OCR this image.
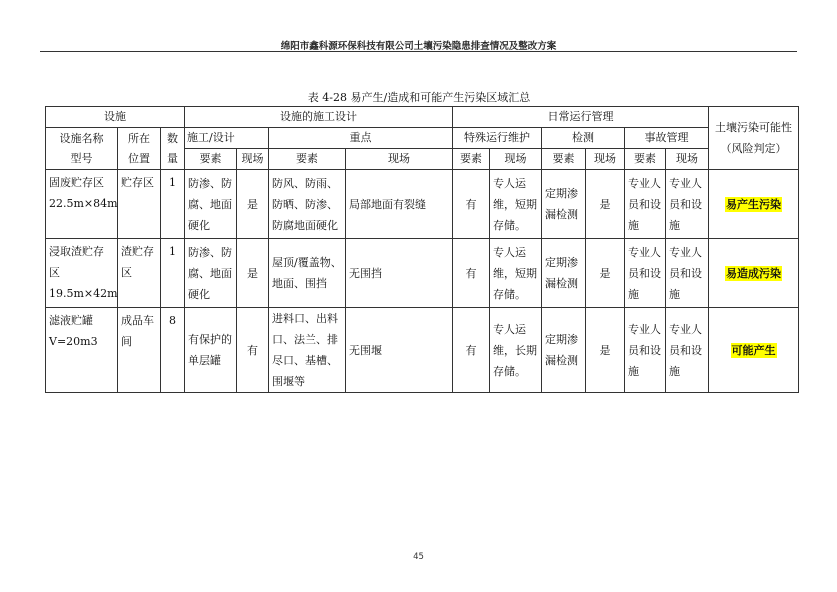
绵阳市鑫科源环保科技有限公司土壤污染隐患排查情况及整改方案
表 4-28 易产生/造成和可能产生污染区域汇总
设施			设施的施工设计				日常运行管理						土壤污染可能性（风险判定）
设施名称型号	所在位置	数量	施工/设计		重点		特殊运行维护		检测		事故管理		
			要素	现场	要素	现场	要素	现场	要素	现场	要素	现场	
固废贮存区 22.5m×84m	贮存区	1	防渗、防腐、地面硬化	是	防风、防雨、防晒、防渗、防腐地面硬化	局部地面有裂缝	有	专人运维，短期存储。	定期渗漏检测	是	专业人员和设施	专业人员和设施	易产生污染
浸取渣贮存区 19.5m×42m	渣贮存区	1	防渗、防腐、地面硬化	是	屋顶/覆盖物、地面、围挡	无围挡	有	专人运维，短期存储。	定期渗漏检测	是	专业人员和设施	专业人员和设施	易造成污染
滤液贮罐 V=20m3	成品车间	8	有保护的单层罐	有	进料口、出料口、法兰、排尽口、基槽、围堰等	无围堰	有	专人运维，长期存储。	定期渗漏检测	是	专业人员和设施	专业人员和设施	可能产生
45
